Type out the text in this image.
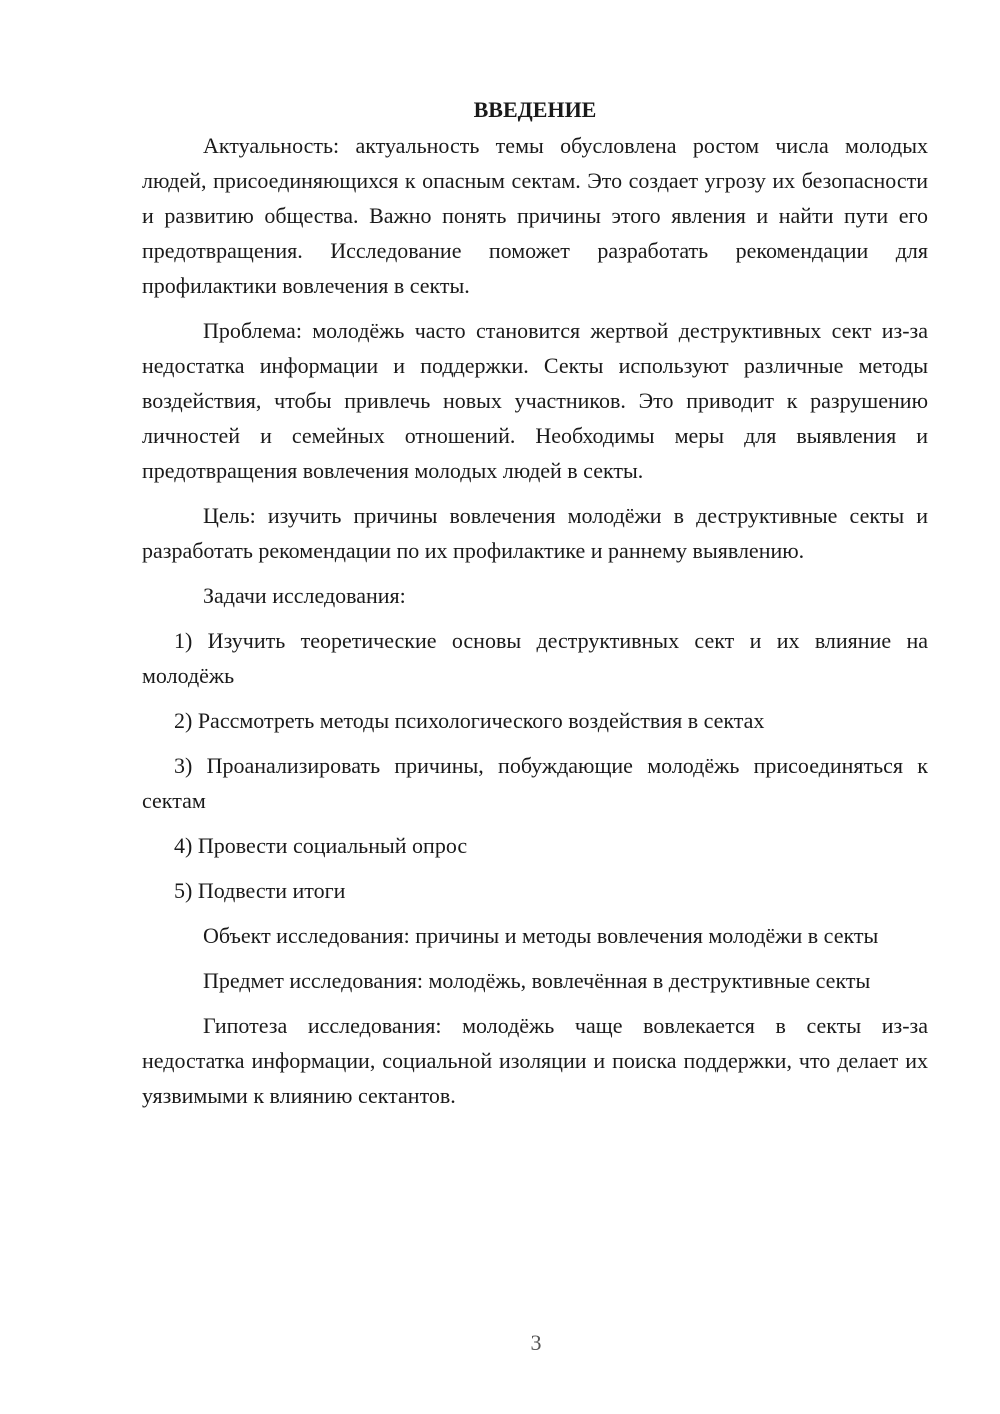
ВВЕДЕНИЕ

Актуальность: актуальность темы обусловлена ростом числа молодых людей, присоединяющихся к опасным сектам. Это создает угрозу их безопасности и развитию общества. Важно понять причины этого явления и найти пути его предотвращения. Исследование поможет разработать рекомендации для профилактики вовлечения в секты.

Проблема: молодёжь часто становится жертвой деструктивных сект из-за недостатка информации и поддержки. Секты используют различные методы воздействия, чтобы привлечь новых участников. Это приводит к разрушению личностей и семейных отношений. Необходимы меры для выявления и предотвращения вовлечения молодых людей в секты.

Цель: изучить причины вовлечения молодёжи в деструктивные секты и разработать рекомендации по их профилактике и раннему выявлению.

Задачи исследования:

1) Изучить теоретические основы деструктивных сект и их влияние на молодёжь

2) Рассмотреть методы психологического воздействия в сектах

3) Проанализировать причины, побуждающие молодёжь присоединяться к сектам

4) Провести социальный опрос

5) Подвести итоги

Объект исследования: причины и методы вовлечения молодёжи в секты

Предмет исследования: молодёжь, вовлечённая в деструктивные секты

Гипотеза исследования: молодёжь чаще вовлекается в секты из-за недостатка информации, социальной изоляции и поиска поддержки, что делает их уязвимыми к влиянию сектантов.

3
